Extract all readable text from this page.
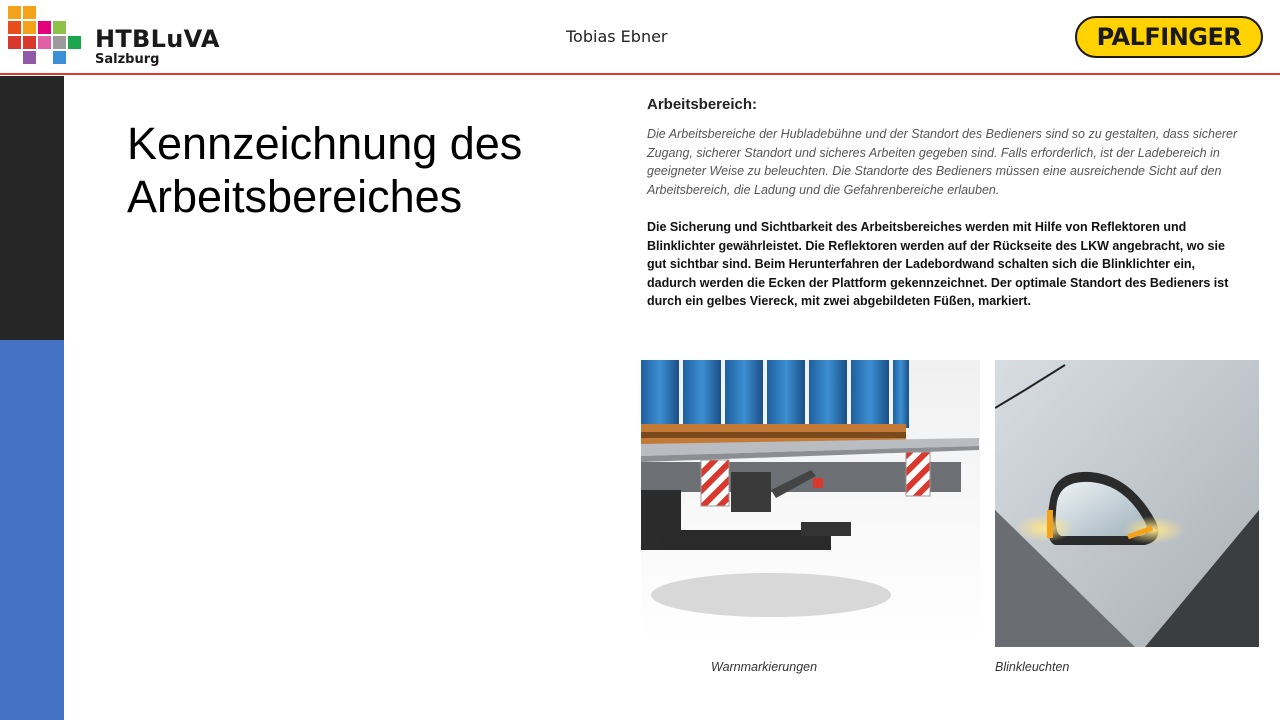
HTBLuVA
Salzburg
Tobias Ebner	PALFINGER
Kennzeichnung des
Arbeitsbereiches
Arbeitsbereich:

Die Arbeitsbereiche der Hubladebühne und der Standort des Bedieners sind so zu gestalten, dass sicherer Zugang, sicherer Standort und sicheres Arbeiten gegeben sind. Falls erforderlich, ist der Ladebereich in geeigneter Weise zu beleuchten. Die Standorte des Bedieners müssen eine ausreichende Sicht auf den Arbeitsbereich, die Ladung und die Gefahrenbereiche erlauben.

Die Sicherung und Sichtbarkeit des Arbeitsbereiches werden mit Hilfe von Reflektoren und Blinklichter gewährleistet. Die Reflektoren werden auf der Rückseite des LKW angebracht, wo sie gut sichtbar sind. Beim Herunterfahren der Ladebordwand schalten sich die Blinklichter ein, dadurch werden die Ecken der Plattform gekennzeichnet. Der optimale Standort des Bedieners ist durch ein gelbes Viereck, mit zwei abgebildeten Füßen, markiert.

Warnmarkierungen	Blinkleuchten
